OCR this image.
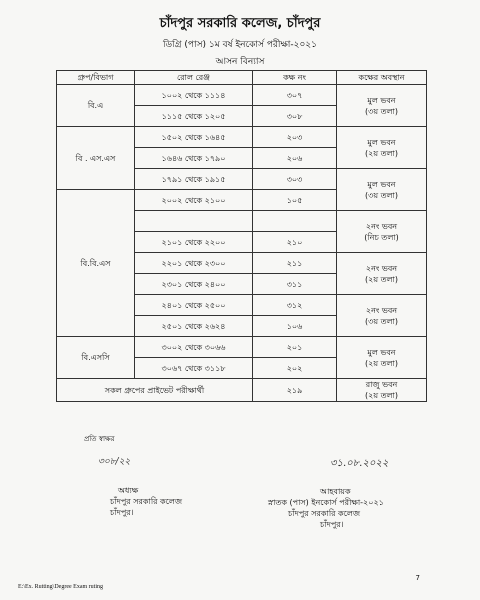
চাঁদপুর সরকারি কলেজ, চাঁদপুর
ডিগ্রি (পাস) ১ম বর্ষ ইনকোর্স পরীক্ষা-২০২১
আসন বিন্যাস
গ্রুপ/বিভাগ	রোল রেঞ্জ	কক্ষ নং	কক্ষের অবস্থান
বি.এ	১০০২ থেকে ১১১৪	৩০৭	মুল ভবন
(৩য় তলা)

	১১১৫ থেকে ১২০৫	৩০৮	
বি . এস.এস	১৫০২ থেকে ১৬৪৫	২০৩	মুল ভবন
(২য় তলা)

	১৬৪৬ থেকে ১৭৯০	২০৬	
	১৭৯১ থেকে ১৯১৫	৩০৩	মুল ভবন
(৩য় তলা)

বি.বি.এস	২০০২ থেকে ২১০০	১০৫	

			২নং ভবন
(নিচ তলা)

	২১০১ থেকে ২২০০	২১০	
	২২০১ থেকে ২৩০০	২১১	২নং ভবন
(২য় তলা)

	২৩০১ থেকে ২৪০০	৩১১	
	২৪০১ থেকে ২৫০০	৩১২	২নং ভবন
(৩য় তলা)

	২৫০১ থেকে ২৬২৪	১০৬	
বি.এসসি	৩০০২ থেকে ৩০৬৬	২০১	মুল ভবন
(২য় তলা)

	৩০৬৭ থেকে ৩১১৮	২০২	
সকল গ্রুপের প্রাইভেট পরীক্ষার্থী		২১৯	রাজু ভবন
(২য় তলা)
প্রতি স্বাক্ষর
৩০৮/২২
অধ্যক্ষ
চাঁদপুর সরকারি কলেজ
চাঁদপুর।
৩১.০৮.২০২২
আহবায়ক
স্নাতক (পাস) ইনকোর্স পরীক্ষা-২০২১
চাঁদপুর সরকারি কলেজ
চাঁদপুর।
E:\Ex. Rutting\Degree Exam ruting
7
